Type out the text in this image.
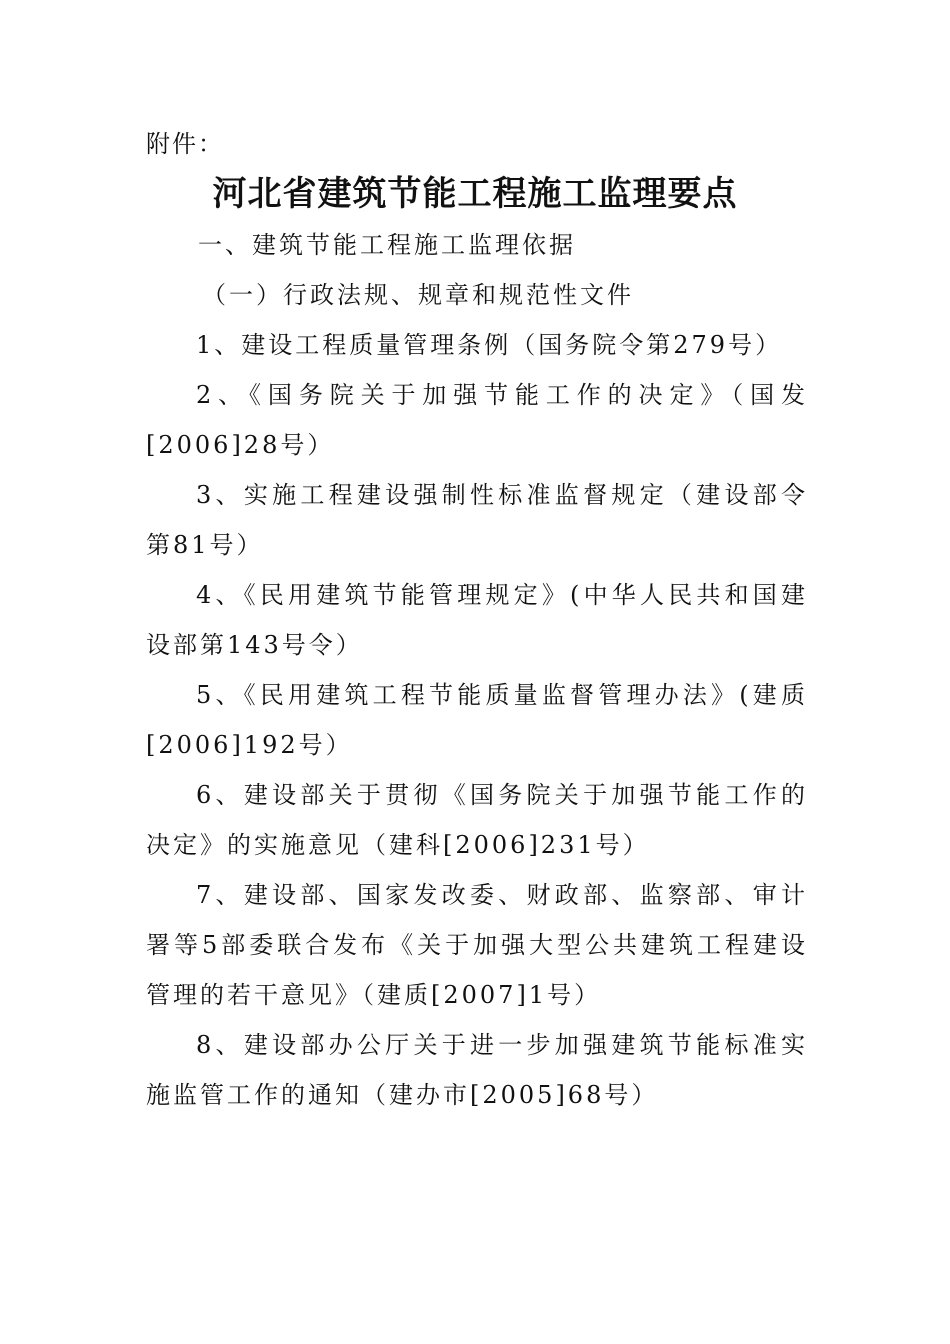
附件：
河北省建筑节能工程施工监理要点

一、建筑节能工程施工监理依据

（一）行政法规、规章和规范性文件

1、建设工程质量管理条例（国务院令第279号）

2、《国务院关于加强节能工作的决定》（国发[2006]28号）

3、实施工程建设强制性标准监督规定（建设部令第81号）

4、《民用建筑节能管理规定》(中华人民共和国建设部第143号令）

5、《民用建筑工程节能质量监督管理办法》(建质[2006]192号）

6、建设部关于贯彻《国务院关于加强节能工作的决定》的实施意见（建科[2006]231号）

7、建设部、国家发改委、财政部、监察部、审计署等5部委联合发布《关于加强大型公共建筑工程建设管理的若干意见》（建质[2007]1号）

8、建设部办公厅关于进一步加强建筑节能标准实施监管工作的通知（建办市[2005]68号）
